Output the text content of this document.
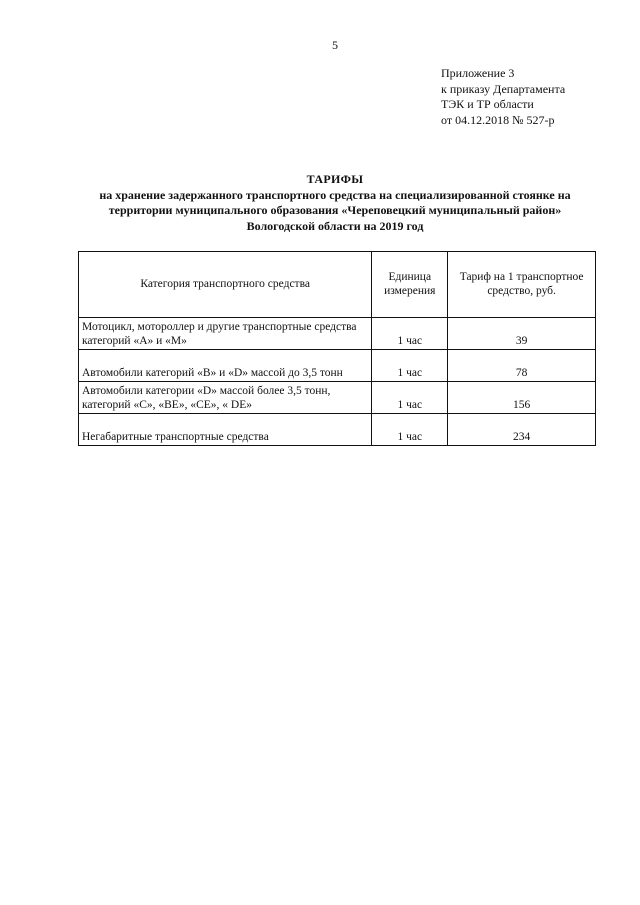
5
Приложение 3
к приказу Департамента
ТЭК и ТР области
от 04.12.2018 № 527-р
ТАРИФЫ
на хранение задержанного транспортного средства на специализированной стоянке на территории муниципального образования «Череповецкий муниципальный район» Вологодской области на 2019 год
Категория транспортного средства	Единица измерения	Тариф на 1 транспортное средство, руб.
Мотоцикл, мотороллер и другие транспортные средства категорий «А» и «М»	1 час	39
Автомобили категорий «В» и «D» массой до 3,5 тонн	1 час	78
Автомобили категории «D» массой более 3,5 тонн, категорий «С», «ВЕ», «СЕ», « DE»	1 час	156
Негабаритные транспортные средства	1 час	234
